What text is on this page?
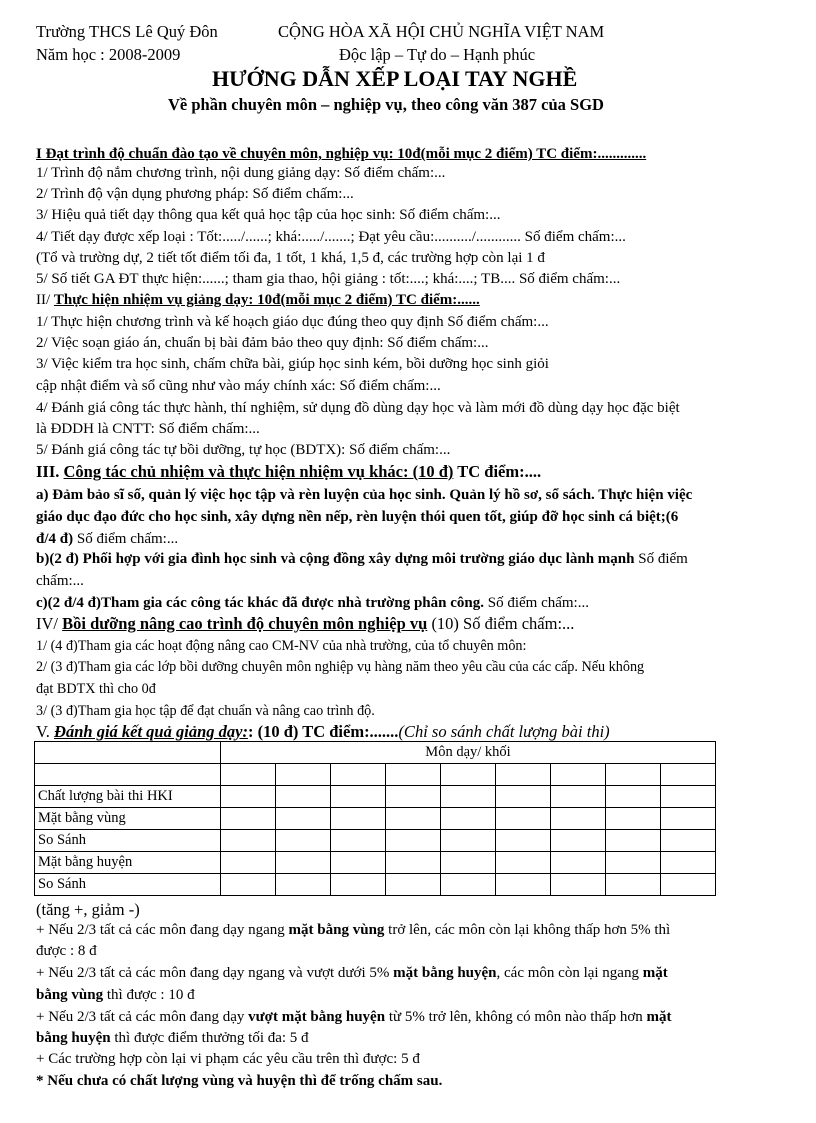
Trường THCS Lê Quý Đôn	CỘNG HÒA XÃ HỘI CHỦ NGHĨA VIỆT NAM
Năm học : 2008-2009	Độc lập – Tự do – Hạnh phúc
HƯỚNG DẪN XẾP LOẠI TAY NGHỀ
Về phần chuyên môn – nghiệp vụ, theo công văn 387 của SGD
I Đạt trình độ chuẩn đào tạo về chuyên môn, nghiệp vụ: 10đ(mỗi mục 2 điểm) TC điểm:.............
1/ Trình độ nắm chương trình, nội dung giảng dạy: Số điểm chấm:...
2/ Trình độ vận dụng phương pháp: Số điểm chấm:...
3/ Hiệu quả tiết dạy thông qua kết quả học tập của học sinh: Số điểm chấm:...
4/ Tiết dạy được xếp loại : Tốt:...../......; khá:...../.......; Đạt yêu cầu:........../............ Số điểm chấm:...
(Tổ và trường dự, 2 tiết tốt điểm tối đa, 1 tốt, 1 khá, 1,5 đ, các trường hợp còn lại 1 đ
5/ Số tiết GA ĐT thực hiện:......; tham gia thao, hội giảng : tốt:....; khá:....; TB.... Số điểm chấm:...
II/ Thực hiện nhiệm vụ giảng dạy: 10đ(mỗi mục 2 điểm) TC điểm:......
1/ Thực hiện chương trình và kế hoạch giáo dục đúng theo quy định Số điểm chấm:...
2/ Việc soạn giáo án, chuẩn bị bài đảm bảo theo quy định: Số điểm chấm:...
3/ Việc kiểm tra học sinh, chấm chữa bài, giúp học sinh kém, bồi dưỡng học sinh giỏi
cập nhật điểm và sổ cũng như vào máy chính xác: Số điểm chấm:...
4/ Đánh giá công tác thực hành, thí nghiệm, sử dụng đồ dùng dạy học và làm mới đồ dùng dạy học đặc biệt
là ĐDDH là CNTT: Số điểm chấm:...
5/ Đánh giá công tác tự bồi dưỡng, tự học (BDTX): Số điểm chấm:...
III. Công tác chủ nhiệm và thực hiện nhiệm vụ khác: (10 đ) TC điểm:....
a) Đảm bảo sĩ số, quản lý việc học tập và rèn luyện của học sinh. Quản lý hồ sơ, sổ sách. Thực hiện việc
giáo dục đạo đức cho học sinh, xây dựng nền nếp, rèn luyện thói quen tốt, giúp đỡ học sinh cá biệt;(6
đ/4 đ) Số điểm chấm:...
b)(2 đ) Phối hợp với gia đình học sinh và cộng đồng xây dựng môi trường giáo dục lành mạnh Số điểm
chấm:...
c)(2 đ/4 đ)Tham gia các công tác khác đã được nhà trường phân công. Số điểm chấm:...
IV/ Bồi dưỡng nâng cao trình độ chuyên môn nghiệp vụ (10) Số điểm chấm:...
1/ (4 đ)Tham gia các hoạt động nâng cao CM-NV của nhà trường, của tổ chuyên môn:
2/ (3 đ)Tham gia các lớp bồi dưỡng chuyên môn nghiệp vụ hàng năm theo yêu cầu của các cấp. Nếu không
đạt BDTX thì cho 0đ
3/ (3 đ)Tham gia học tập để đạt chuẩn và nâng cao trình độ.
V. Đánh giá kết quả giảng dạy:: (10 đ) TC điểm:.......(Chỉ so sánh chất lượng bài thi)
	Môn dạy/ khối								

Chất lượng bài thi HKI									
Mặt bằng vùng									
So Sánh									
Mặt bằng huyện									
So Sánh									
(tăng +, giảm -)
+ Nếu 2/3 tất cả các môn đang dạy ngang mặt bằng vùng trở lên, các môn còn lại không thấp hơn 5% thì
được : 8 đ
+ Nếu 2/3 tất cả các môn đang dạy ngang và vượt dưới 5% mặt bằng huyện, các môn còn lại ngang mặt
bằng vùng thì được : 10 đ
+ Nếu 2/3 tất cả các môn đang dạy vượt mặt bằng huyện từ 5% trở lên, không có môn nào thấp hơn mặt
bằng huyện thì được điểm thưởng tối đa: 5 đ
+ Các trường hợp còn lại vi phạm các yêu cầu trên thì được: 5 đ
* Nếu chưa có chất lượng vùng và huyện thì để trống chấm sau.
